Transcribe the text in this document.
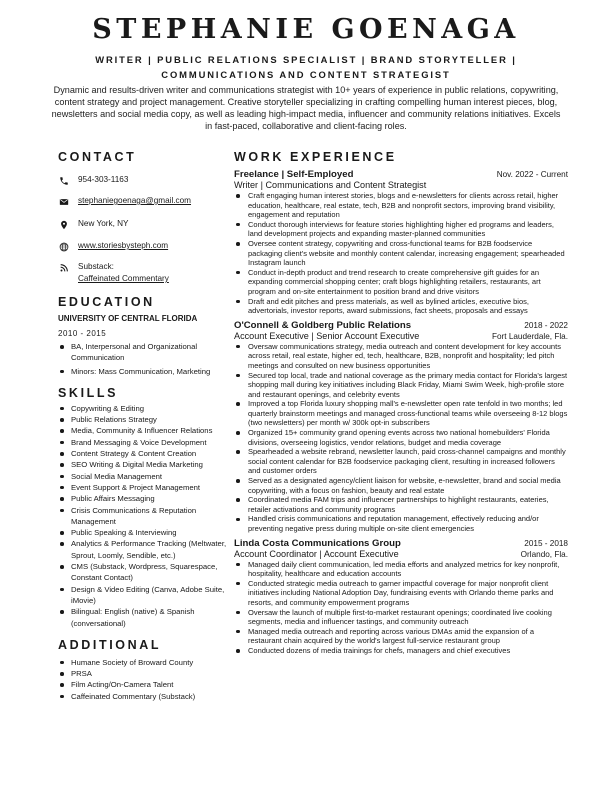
STEPHANIE GOENAGA
WRITER | PUBLIC RELATIONS SPECIALIST | BRAND STORYTELLER |
COMMUNICATIONS AND CONTENT STRATEGIST
Dynamic and results-driven writer and communications strategist with 10+ years of experience in public relations, copywriting, content strategy and project management. Creative storyteller specializing in crafting compelling human interest pieces, blog, newsletters and social media copy, as well as leading high-impact media, influencer and community relations initiatives. Excels in fast-paced, collaborative and client-facing roles.
CONTACT
954-303-1163
stephaniegoenaga@gmail.com
New York, NY
www.storiesbysteph.com
Substack:
Caffeinated Commentary
EDUCATION
UNIVERSITY OF CENTRAL FLORIDA
2010 - 2015
BA, Interpersonal and Organizational Communication
Minors: Mass Communication, Marketing
SKILLS
Copywriting & Editing
Public Relations Strategy
Media, Community & Influencer Relations
Brand Messaging & Voice Development
Content Strategy & Content Creation
SEO Writing & Digital Media Marketing
Social Media Management
Event Support & Project Management
Public Affairs Messaging
Crisis Communications & Reputation Management
Public Speaking & Interviewing
Analytics & Performance Tracking (Meltwater, Sprout, Loomly, Sendible, etc.)
CMS (Substack, Wordpress, Squarespace, Constant Contact)
Design & Video Editing (Canva, Adobe Suite, iMovie)
Bilingual: English (native) & Spanish (conversational)
ADDITIONAL
Humane Society of Broward County
PRSA
Film Acting/On-Camera Talent
Caffeinated Commentary (Substack)
WORK EXPERIENCE
Freelance | Self-Employed	Nov. 2022 - Current
Writer | Communications and Content Strategist
Craft engaging human interest stories, blogs and e-newsletters for clients across retail, higher education, healthcare, real estate, tech, B2B and nonprofit sectors, improving brand visibility, engagement and reputation
Conduct thorough interviews for feature stories highlighting higher ed programs and leaders, land development projects and expanding master-planned communities
Oversee content strategy, copywriting and cross-functional teams for B2B foodservice packaging client's website and monthly content calendar, increasing engagement; spearheaded Instagram launch
Conduct in-depth product and trend research to create comprehensive gift guides for an expanding commercial shopping center; craft blogs highlighting retailers, restaurants, art program and on-site entertainment to position brand and drive visitors
Draft and edit pitches and press materials, as well as bylined articles, executive bios, advertorials, investor reports, award submissions, fact sheets, proposals and essays
O'Connell & Goldberg Public Relations	2018 - 2022
Account Executive | Senior Account Executive	Fort Lauderdale, Fla.
Oversaw communications strategy, media outreach and content development for key accounts across retail, real estate, higher ed, tech, healthcare, B2B, nonprofit and hospitality; led pitch meetings and consulted on new business opportunities
Secured top local, trade and national coverage as the primary media contact for Florida's largest shopping mall during key initiatives including Black Friday, Miami Swim Week, high-profile store and restaurant openings, and celebrity events
Improved a top Florida luxury shopping mall's e-newsletter open rate tenfold in two months; led quarterly brainstorm meetings and managed cross-functional teams while overseeing 8-12 blogs (two newsletters) per month w/ 300k opt-in subscribers
Organized 15+ community grand opening events across two national homebuilders' Florida divisions, overseeing logistics, vendor relations, budget and media coverage
Spearheaded a website rebrand, newsletter launch, paid cross-channel campaigns and monthly social content calendar for B2B foodservice packaging client, resulting in increased followers and customer orders
Served as a designated agency/client liaison for website, e-newsletter, brand and social media copywriting, with a focus on fashion, beauty and real estate
Coordinated media FAM trips and influencer partnerships to highlight restaurants, eateries, retailer activations and community programs
Handled crisis communications and reputation management, effectively reducing and/or preventing negative press during multiple on-site client emergencies
Linda Costa Communications Group	2015 - 2018
Account Coordinator | Account Executive	Orlando, Fla.
Managed daily client communication, led media efforts and analyzed metrics for key nonprofit, hospitality, healthcare and education accounts
Conducted strategic media outreach to garner impactful coverage for major nonprofit client initiatives including National Adoption Day, fundraising events with Orlando theme parks and resorts, and community empowerment programs
Oversaw the launch of multiple first-to-market restaurant openings; coordinated live cooking segments, media and influencer tastings, and community outreach
Managed media outreach and reporting across various DMAs amid the expansion of a restaurant chain acquired by the world's largest full-service restaurant group
Conducted dozens of media trainings for chefs, managers and chief executives
